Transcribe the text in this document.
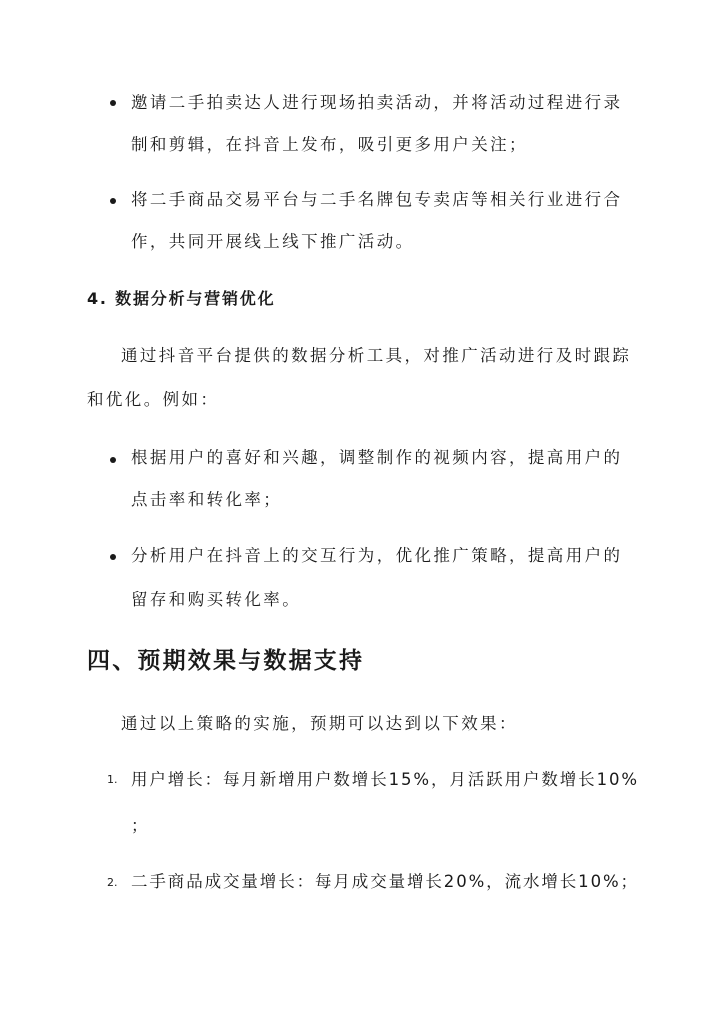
邀请二手拍卖达人进行现场拍卖活动，并将活动过程进行录
制和剪辑，在抖音上发布，吸引更多用户关注；
将二手商品交易平台与二手名牌包专卖店等相关行业进行合
作，共同开展线上线下推广活动。
4. 数据分析与营销优化
通过抖音平台提供的数据分析工具，对推广活动进行及时跟踪
和优化。例如：
根据用户的喜好和兴趣，调整制作的视频内容，提高用户的
点击率和转化率；
分析用户在抖音上的交互行为，优化推广策略，提高用户的
留存和购买转化率。
四、预期效果与数据支持
通过以上策略的实施，预期可以达到以下效果：
1. 用户增长：每月新增用户数增长15%，月活跃用户数增长10%
；
2. 二手商品成交量增长：每月成交量增长20%，流水增长10%；
